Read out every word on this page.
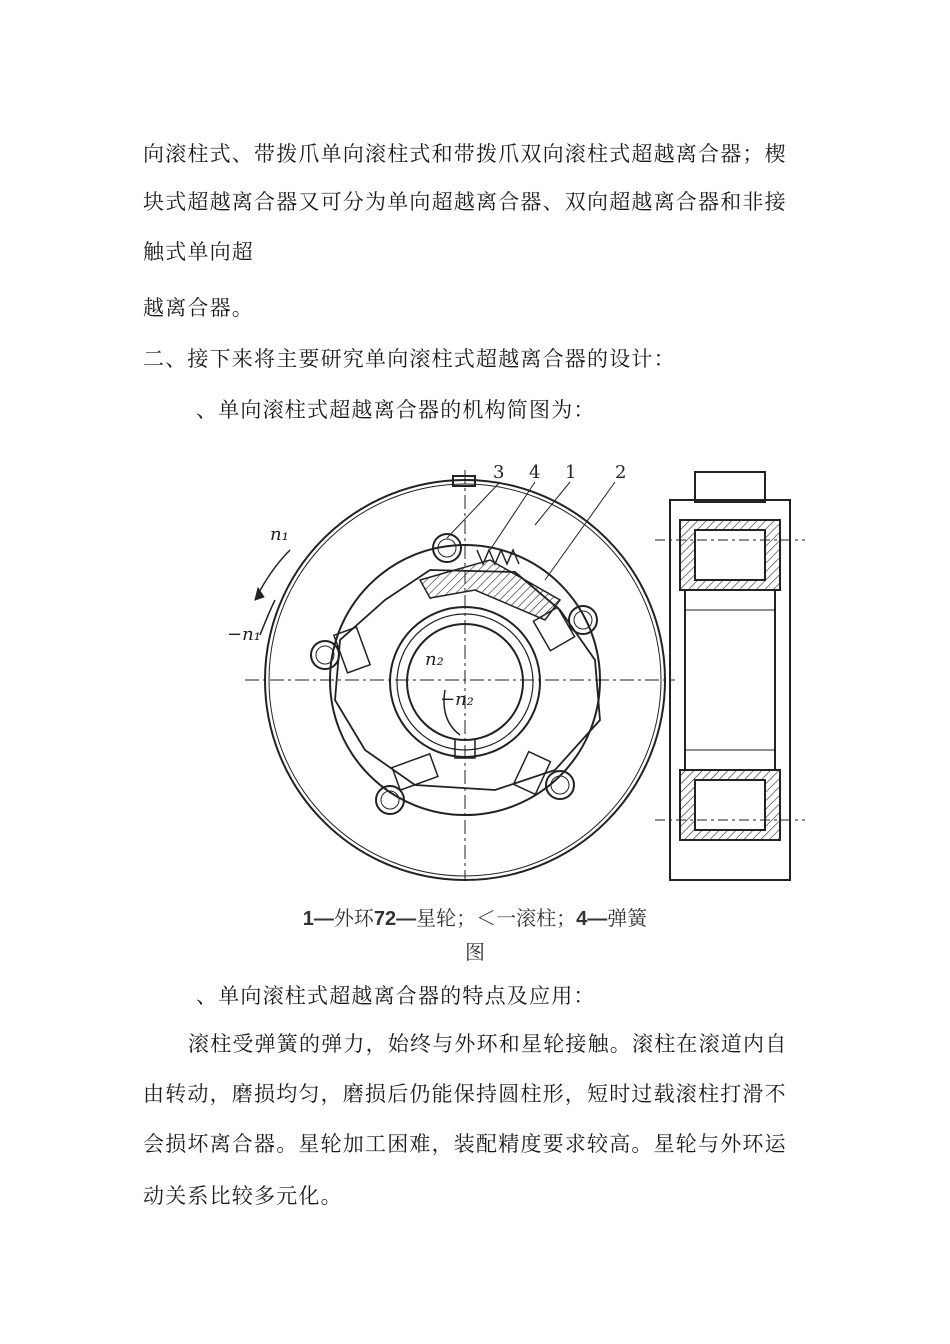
向滚柱式、带拨爪单向滚柱式和带拨爪双向滚柱式超越离合器；楔
块式超越离合器又可分为单向超越离合器、双向超越离合器和非接
触式单向超
越离合器。
二、接下来将主要研究单向滚柱式超越离合器的设计：
、单向滚柱式超越离合器的机构简图为：
3 4 1 2
n₁
−n₁
n₂
−n₂
1—外环72—星轮；＜一滚柱；4—弹簧
图
、单向滚柱式超越离合器的特点及应用：
滚柱受弹簧的弹力，始终与外环和星轮接触。滚柱在滚道内自
由转动，磨损均匀，磨损后仍能保持圆柱形，短时过载滚柱打滑不
会损坏离合器。星轮加工困难，装配精度要求较高。星轮与外环运
动关系比较多元化。
